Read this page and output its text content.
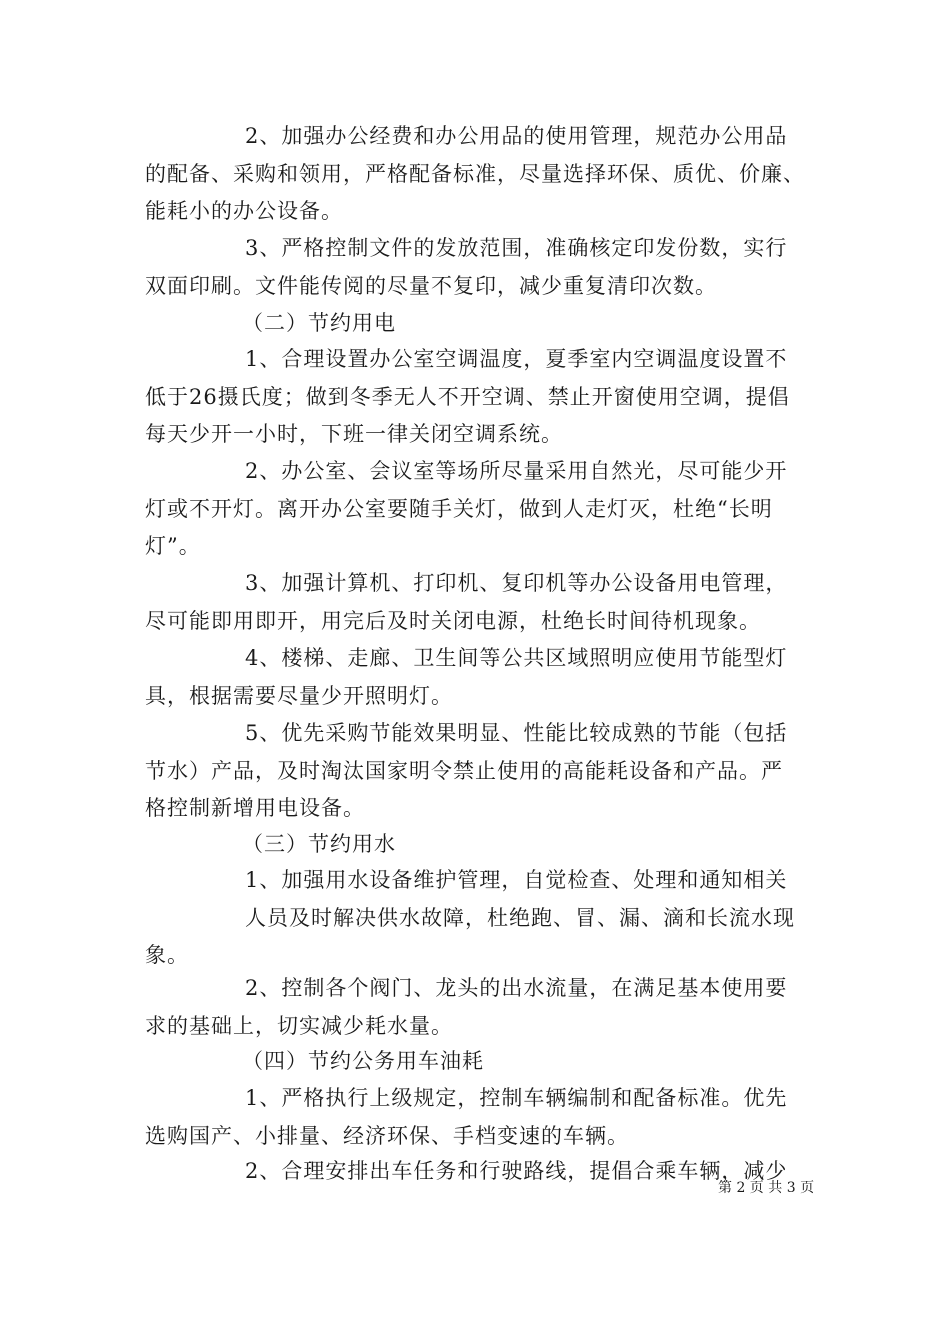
2、加强办公经费和办公用品的使用管理，规范办公用品
的配备、采购和领用，严格配备标准，尽量选择环保、质优、价廉、
能耗小的办公设备。
3、严格控制文件的发放范围，准确核定印发份数，实行
双面印刷。文件能传阅的尽量不复印，减少重复清印次数。
（二）节约用电
1、合理设置办公室空调温度，夏季室内空调温度设置不
低于26摄氏度；做到冬季无人不开空调、禁止开窗使用空调，提倡
每天少开一小时，下班一律关闭空调系统。
2、办公室、会议室等场所尽量采用自然光，尽可能少开
灯或不开灯。离开办公室要随手关灯，做到人走灯灭，杜绝“长明
灯”。
3、加强计算机、打印机、复印机等办公设备用电管理，
尽可能即用即开，用完后及时关闭电源，杜绝长时间待机现象。
4、楼梯、走廊、卫生间等公共区域照明应使用节能型灯
具，根据需要尽量少开照明灯。
5、优先采购节能效果明显、性能比较成熟的节能（包括
节水）产品，及时淘汰国家明令禁止使用的高能耗设备和产品。严
格控制新增用电设备。
（三）节约用水
1、加强用水设备维护管理，自觉检查、处理和通知相关
人员及时解决供水故障，杜绝跑、冒、漏、滴和长流水现
象。
2、控制各个阀门、龙头的出水流量，在满足基本使用要
求的基础上，切实减少耗水量。
（四）节约公务用车油耗
1、严格执行上级规定，控制车辆编制和配备标准。优先
选购国产、小排量、经济环保、手档变速的车辆。
2、合理安排出车任务和行驶路线，提倡合乘车辆，减少
第 2 页 共 3 页
